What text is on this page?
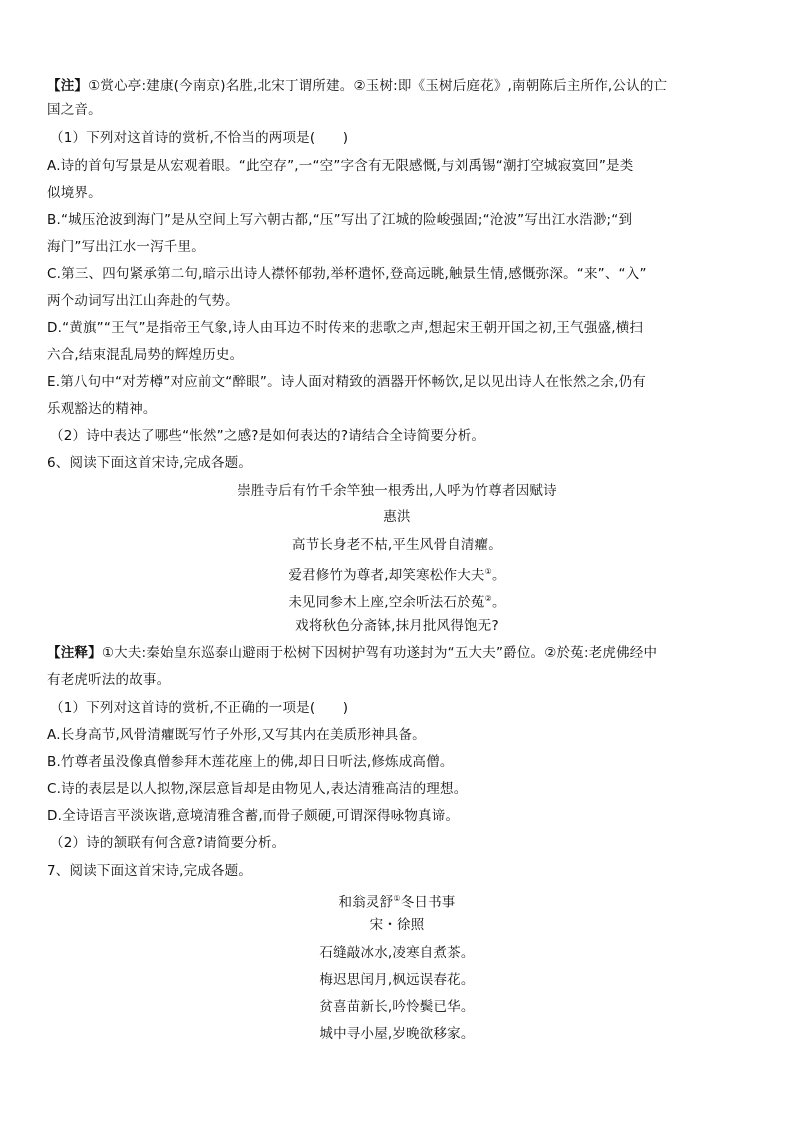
【注】①赏心亭:建康(今南京)名胜,北宋丁谓所建。②玉树:即《玉树后庭花》,南朝陈后主所作,公认的亡
国之音。
（1）下列对这首诗的赏析,不恰当的两项是(　　)
A.诗的首句写景是从宏观着眼。“此空存”,一“空”字含有无限感慨,与刘禹锡“潮打空城寂寞回”是类
似境界。
B.“城压沧波到海门”是从空间上写六朝古都,“压”写出了江城的险峻强固;“沧波”写出江水浩渺;“到
海门”写出江水一泻千里。
C.第三、四句紧承第二句,暗示出诗人襟怀郁勃,举杯遣怀,登高远眺,触景生情,感慨弥深。“来”、“入”
两个动词写出江山奔赴的气势。
D.“黄旗”“王气”是指帝王气象,诗人由耳边不时传来的悲歌之声,想起宋王朝开国之初,王气强盛,横扫
六合,结束混乱局势的辉煌历史。
E.第八句中“对芳樽”对应前文“醉眼”。诗人面对精致的酒器开怀畅饮,足以见出诗人在怅然之余,仍有
乐观豁达的精神。
（2）诗中表达了哪些“怅然”之感?是如何表达的?请结合全诗简要分析。
6、阅读下面这首宋诗,完成各题。
崇胜寺后有竹千余竿独一根秀出,人呼为竹尊者因赋诗
惠洪
高节长身老不枯,平生风骨自清癯。
爱君修竹为尊者,却笑寒松作大夫①。
未见同参木上座,空余听法石於菟②。
戏将秋色分斋钵,抹月批风得饱无?
【注释】①大夫:秦始皇东巡泰山避雨于松树下因树护驾有功遂封为“五大夫”爵位。②於菟:老虎佛经中
有老虎听法的故事。
（1）下列对这首诗的赏析,不正确的一项是(　　)
A.长身高节,风骨清癯既写竹子外形,又写其内在美质形神具备。
B.竹尊者虽没像真僧参拜木莲花座上的佛,却日日听法,修炼成高僧。
C.诗的表层是以人拟物,深层意旨却是由物见人,表达清雅高洁的理想。
D.全诗语言平淡诙谐,意境清雅含蓄,而骨子颇硬,可谓深得咏物真谛。
（2）诗的颔联有何含意?请简要分析。
7、阅读下面这首宋诗,完成各题。
和翁灵舒①冬日书事
宋・徐照
石缝敲冰水,凌寒自煮茶。
梅迟思闰月,枫远误春花。
贫喜苗新长,吟怜鬓已华。
城中寻小屋,岁晚欲移家。
